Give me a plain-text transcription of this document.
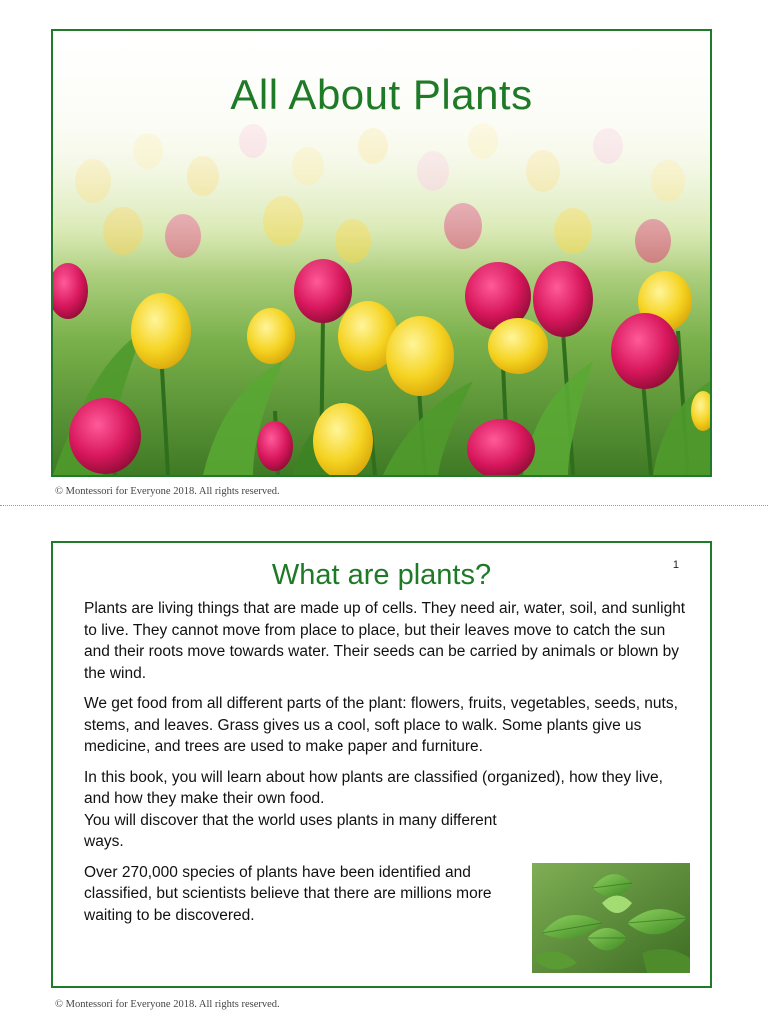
All About Plants

© Montessori for Everyone 2018. All rights reserved.

What are plants?	1

Plants are living things that are made up of cells. They need air, water, soil, and sunlight to live. They cannot move from place to place, but their leaves move to catch the sun and their roots move towards water. Their seeds can be carried by animals or blown by the wind.

We get food from all different parts of the plant: flowers, fruits, vegetables, seeds, nuts, stems, and leaves. Grass gives us a cool, soft place to walk. Some plants give us medicine, and trees are used to make paper and furniture.

In this book, you will learn about how plants are classified (organized), how they live, and how they make their own food.

You will discover that the world uses plants in many different ways.

Over 270,000 species of plants have been identified and classified, but scientists believe that there are millions more waiting to be discovered.

© Montessori for Everyone 2018. All rights reserved.
